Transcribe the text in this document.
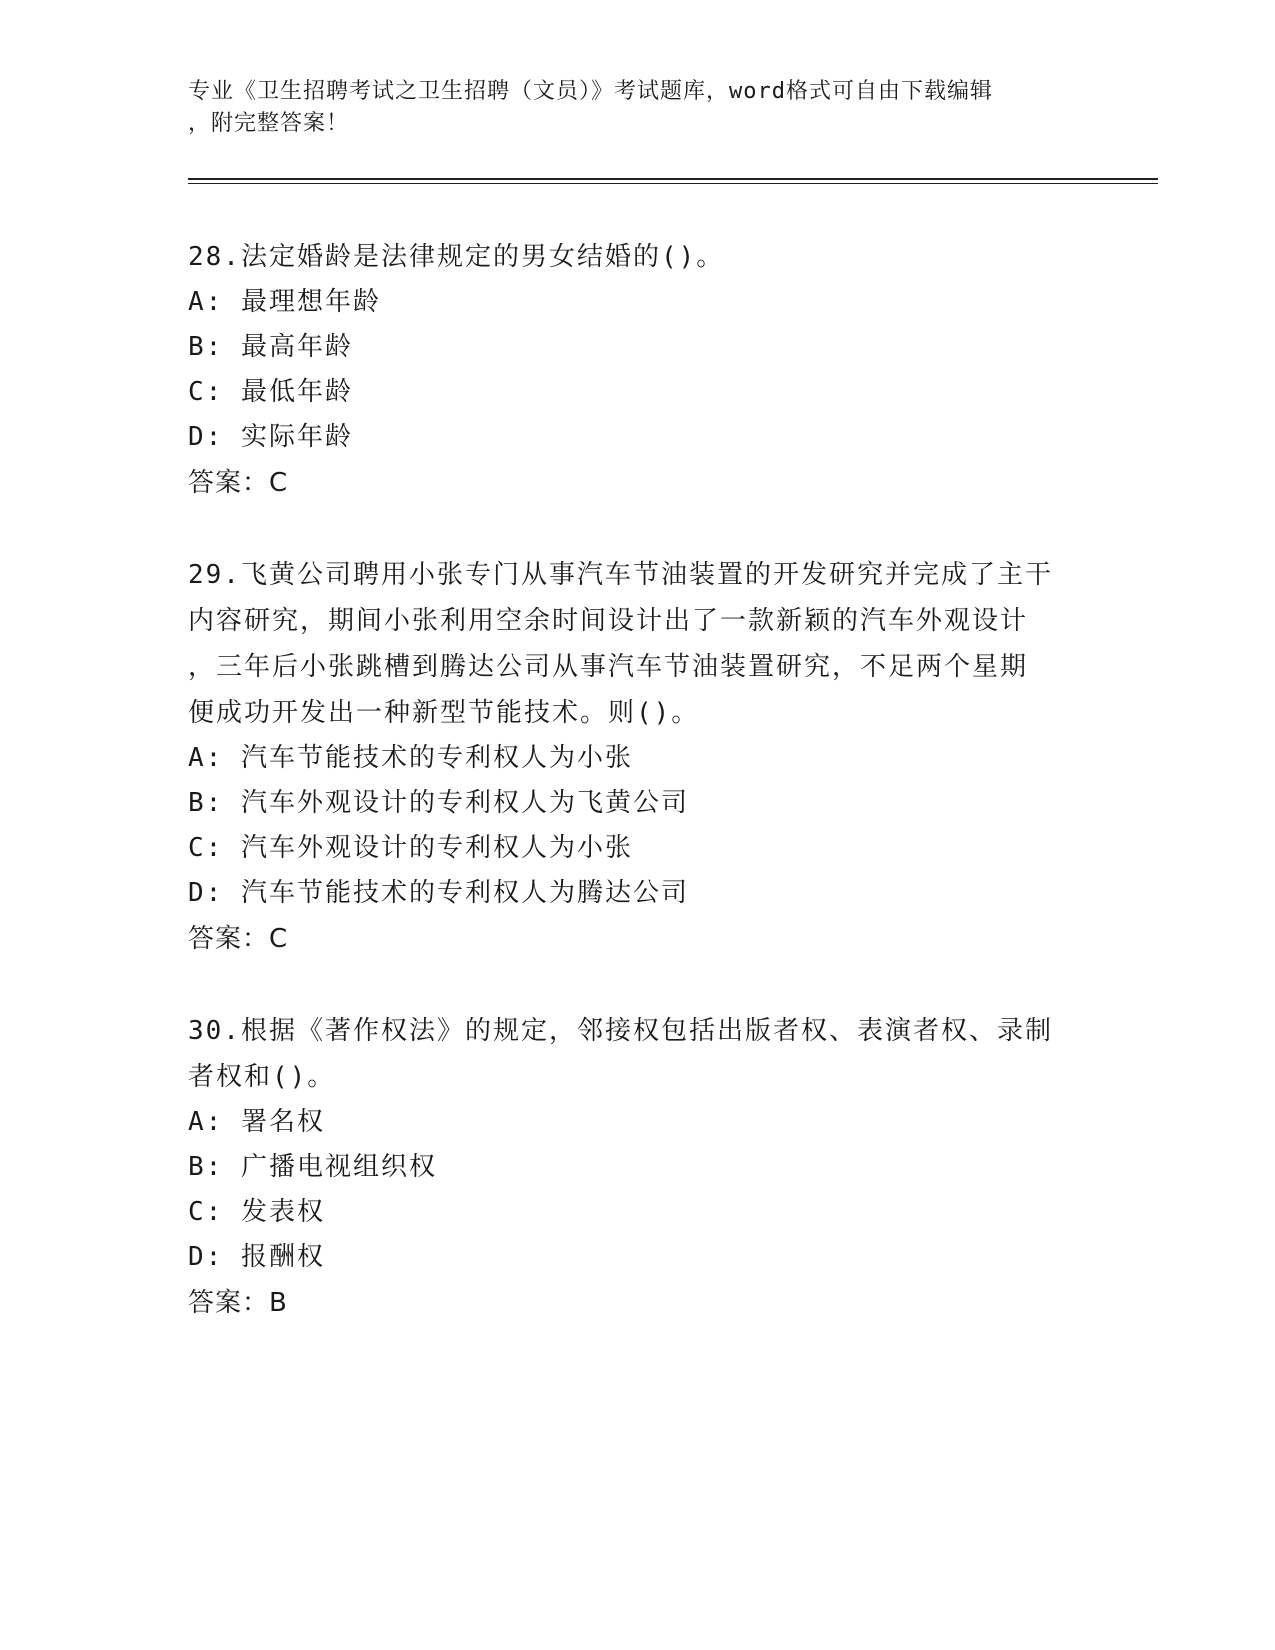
专业《卫生招聘考试之卫生招聘（文员）》考试题库，word格式可自由下载编辑
，附完整答案！
28.法定婚龄是法律规定的男女结婚的()。
A: 最理想年龄
B: 最高年龄
C: 最低年龄
D: 实际年龄
答案：C
29.飞黄公司聘用小张专门从事汽车节油装置的开发研究并完成了主干
内容研究，期间小张利用空余时间设计出了一款新颖的汽车外观设计
，三年后小张跳槽到腾达公司从事汽车节油装置研究，不足两个星期
便成功开发出一种新型节能技术。则()。
A: 汽车节能技术的专利权人为小张
B: 汽车外观设计的专利权人为飞黄公司
C: 汽车外观设计的专利权人为小张
D: 汽车节能技术的专利权人为腾达公司
答案：C
30.根据《著作权法》的规定，邻接权包括出版者权、表演者权、录制
者权和()。
A: 署名权
B: 广播电视组织权
C: 发表权
D: 报酬权
答案：B
